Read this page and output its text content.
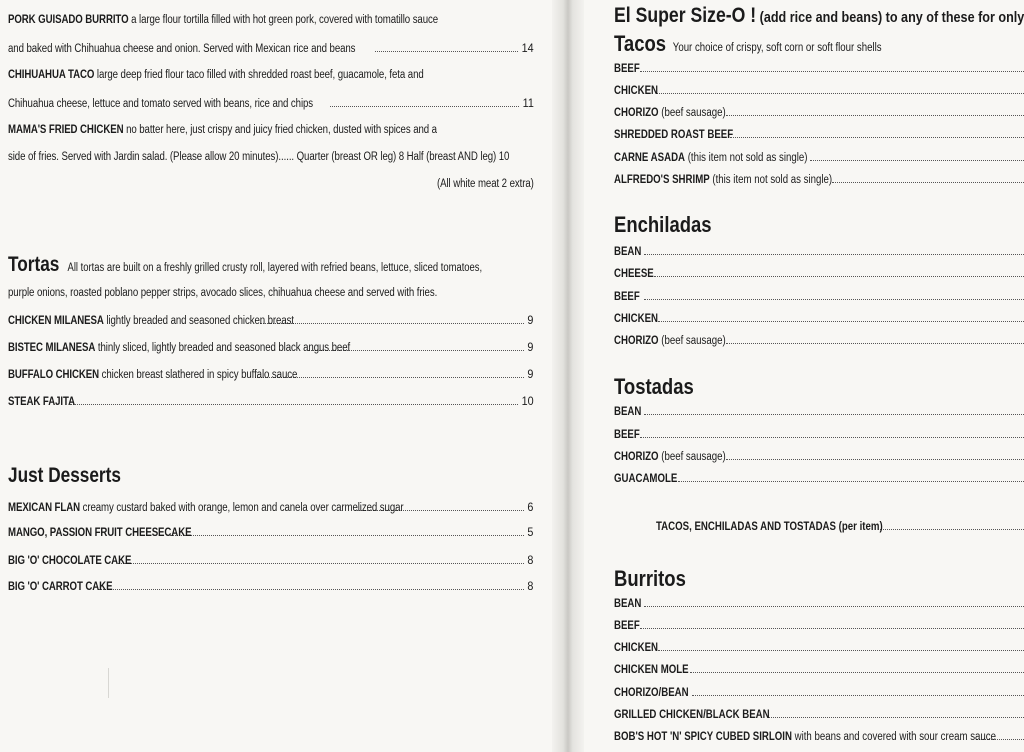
PORK GUISADO BURRITO a large flour tortilla filled with hot green pork, covered with tomatillo sauce
and baked with Chihuahua cheese and onion. Served with Mexican rice and beans	14
CHIHUAHUA TACO large deep fried flour taco filled with shredded roast beef, guacamole, feta and
Chihuahua cheese, lettuce and tomato served with beans, rice and chips	11
MAMA'S FRIED CHICKEN no batter here, just crispy and juicy fried chicken, dusted with spices and a
side of fries. Served with Jardin salad. (Please allow 20 minutes)...... Quarter (breast OR leg) 8 Half (breast AND leg) 10
(All white meat 2 extra)
Tortas All tortas are built on a freshly grilled crusty roll, layered with refried beans, lettuce, sliced tomatoes,
purple onions, roasted poblano pepper strips, avocado slices, chihuahua cheese and served with fries.
CHICKEN MILANESA lightly breaded and seasoned chicken breast	9
BISTEC MILANESA thinly sliced, lightly breaded and seasoned black angus beef	9
BUFFALO CHICKEN chicken breast slathered in spicy buffalo sauce	9
STEAK FAJITA	10
Just Desserts
MEXICAN FLAN creamy custard baked with orange, lemon and canela over carmelized sugar	6
MANGO, PASSION FRUIT CHEESECAKE	5
BIG 'O' CHOCOLATE CAKE	8
BIG 'O' CARROT CAKE	8
El Super Size-O ! (add rice and beans) to any of these for only
Tacos Your choice of crispy, soft corn or soft flour shells
BEEF
CHICKEN
CHORIZO (beef sausage)
SHREDDED ROAST BEEF
CARNE ASADA (this item not sold as single)
ALFREDO'S SHRIMP (this item not sold as single)
Enchiladas
BEAN
CHEESE
BEEF
CHICKEN
CHORIZO (beef sausage)
Tostadas
BEAN
BEEF
CHORIZO (beef sausage)
GUACAMOLE
TACOS, ENCHILADAS AND TOSTADAS (per item)
Burritos
BEAN
BEEF
CHICKEN
CHICKEN MOLE
CHORIZO/BEAN
GRILLED CHICKEN/BLACK BEAN
BOB'S HOT 'N' SPICY CUBED SIRLOIN with beans and covered with sour cream sauce
